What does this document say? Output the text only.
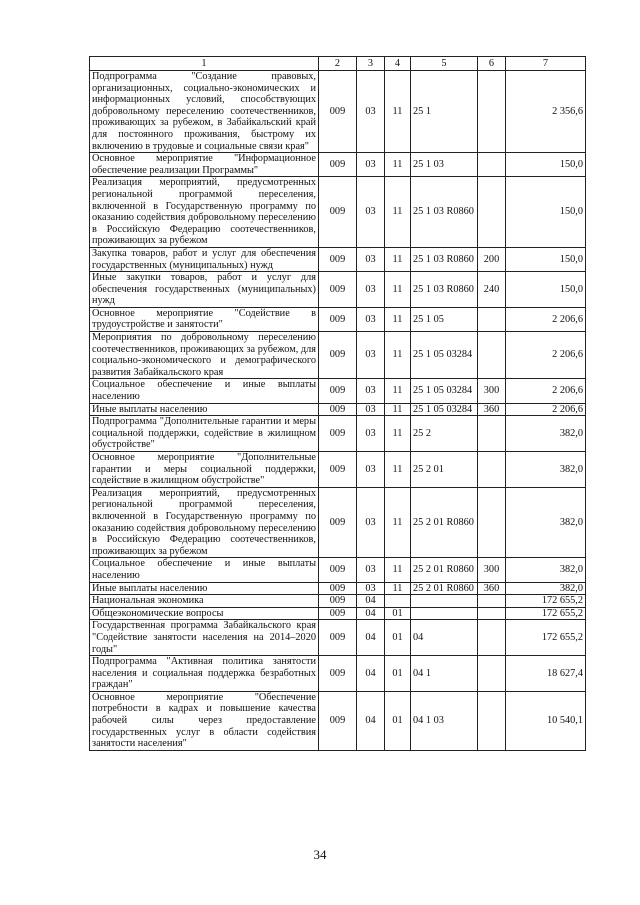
1	2	3	4	5	6	7
Подпрограмма "Создание правовых, организационных, социально-экономических и информационных условий, способствующих добровольному переселению соотечественников, проживающих за рубежом, в Забайкальский край для постоянного проживания, быстрому их включению в трудовые и социальные связи края"	009	03	11	25 1		2 356,6
Основное мероприятие "Информационное обеспечение реализации Программы"	009	03	11	25 1 03		150,0
Реализация мероприятий, предусмотренных региональной программой переселения, включенной в Государственную программу по оказанию содействия добровольному переселению в Российскую Федерацию соотечественников, проживающих за рубежом	009	03	11	25 1 03 R0860		150,0
Закупка товаров, работ и услуг для обеспечения государственных (муниципальных) нужд	009	03	11	25 1 03 R0860	200	150,0
Иные закупки товаров, работ и услуг для обеспечения государственных (муниципальных) нужд	009	03	11	25 1 03 R0860	240	150,0
Основное мероприятие "Содействие в трудоустройстве и занятости"	009	03	11	25 1 05		2 206,6
Мероприятия по добровольному переселению соотечественников, проживающих за рубежом, для социально-экономического и демографического развития Забайкальского края	009	03	11	25 1 05 03284		2 206,6
Социальное обеспечение и иные выплаты населению	009	03	11	25 1 05 03284	300	2 206,6
Иные выплаты населению	009	03	11	25 1 05 03284	360	2 206,6
Подпрограмма "Дополнительные гарантии и меры социальной поддержки, содействие в жилищном обустройстве"	009	03	11	25 2		382,0
Основное мероприятие "Дополнительные гарантии и меры социальной поддержки, содействие в жилищном обустройстве"	009	03	11	25 2 01		382,0
Реализация мероприятий, предусмотренных региональной программой переселения, включенной в Государственную программу по оказанию содействия добровольному переселению в Российскую Федерацию соотечественников, проживающих за рубежом	009	03	11	25 2 01 R0860		382,0
Социальное обеспечение и иные выплаты населению	009	03	11	25 2 01 R0860	300	382,0
Иные выплаты населению	009	03	11	25 2 01 R0860	360	382,0
Национальная экономика	009	04				172 655,2
Общеэкономические вопросы	009	04	01			172 655,2
Государственная программа Забайкальского края "Содействие занятости населения на 2014–2020 годы"	009	04	01	04		172 655,2
Подпрограмма "Активная политика занятости населения и социальная поддержка безработных граждан"	009	04	01	04 1		18 627,4
Основное мероприятие "Обеспечение потребности в кадрах и повышение качества рабочей силы через предоставление государственных услуг в области содействия занятости населения"	009	04	01	04 1 03		10 540,1
34
